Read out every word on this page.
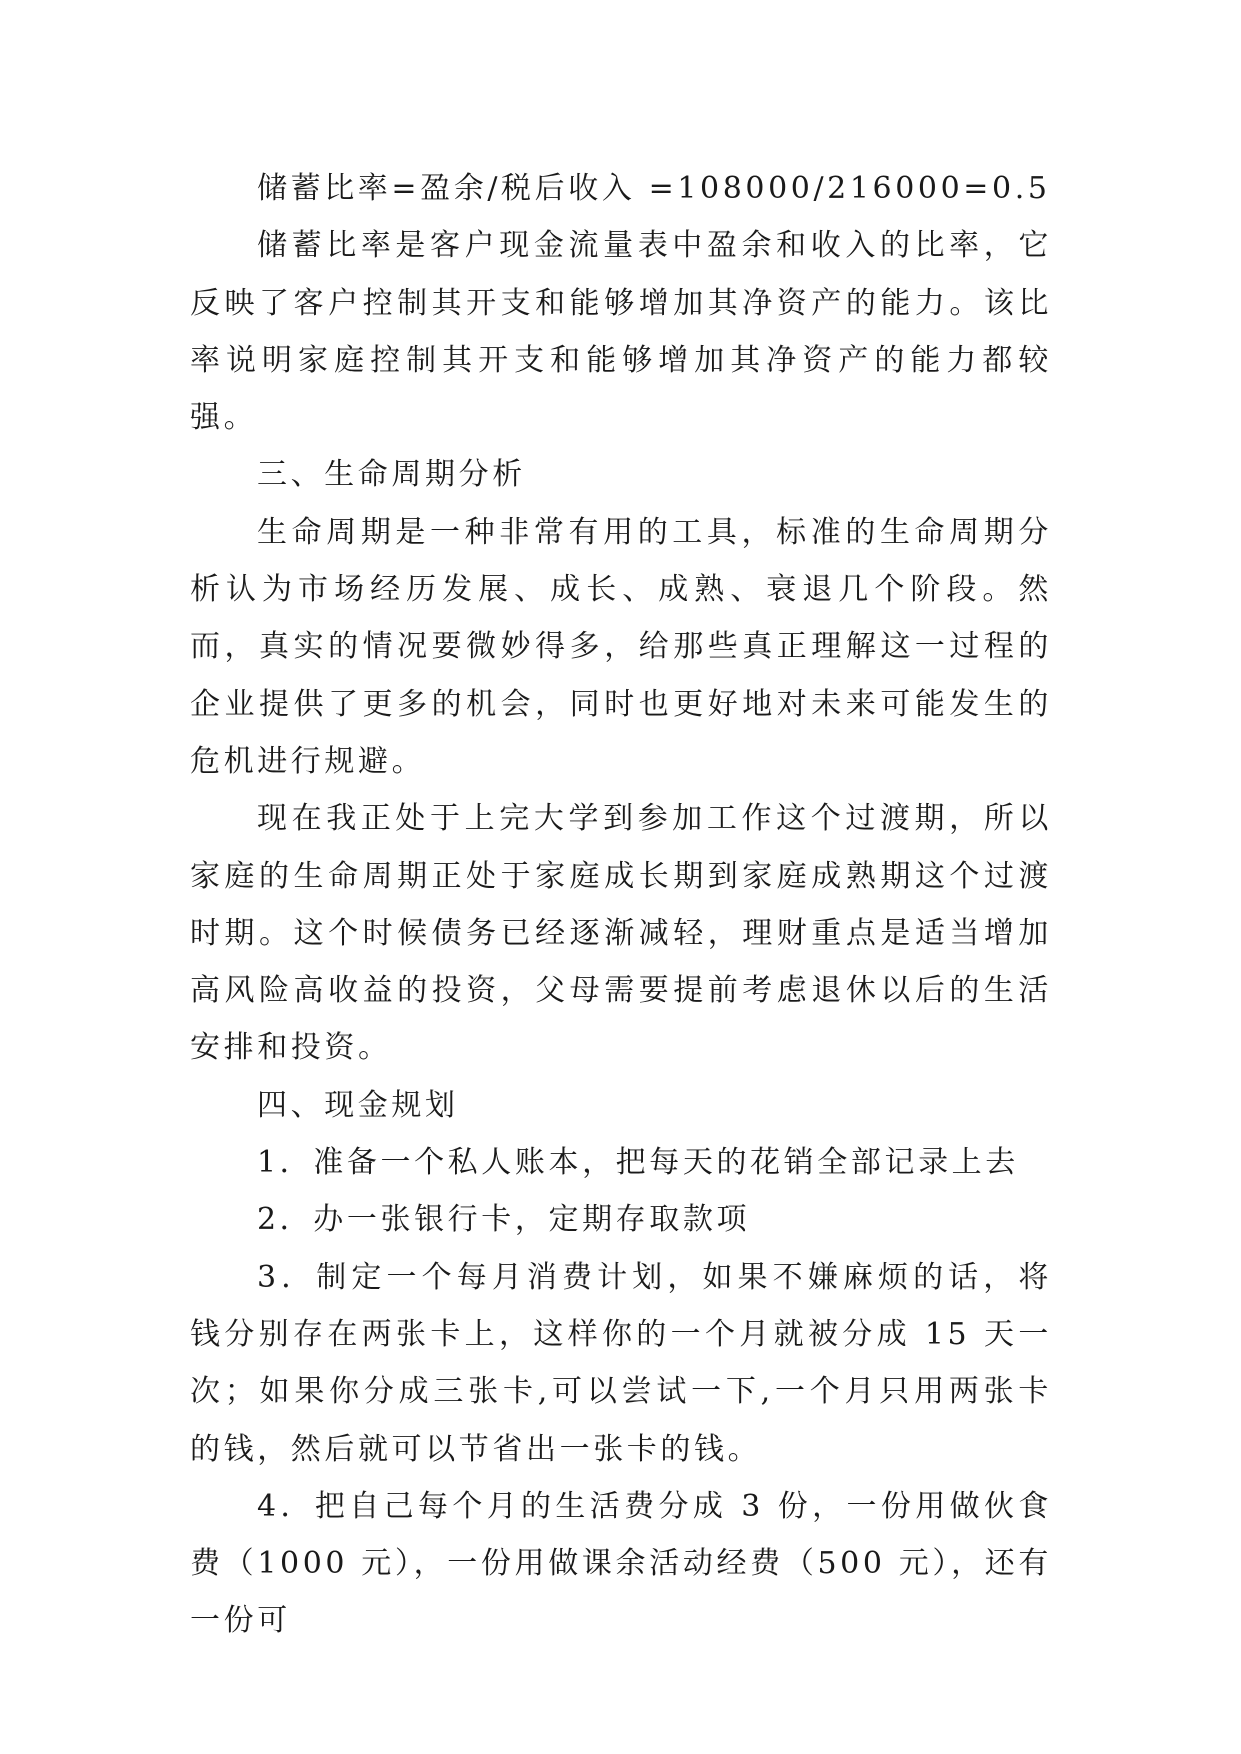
储蓄比率=盈余/税后收入 =108000/216000=0.5

储蓄比率是客户现金流量表中盈余和收入的比率，它反映了客户控制其开支和能够增加其净资产的能力。该比率说明家庭控制其开支和能够增加其净资产的能力都较强。

三、生命周期分析

生命周期是一种非常有用的工具，标准的生命周期分析认为市场经历发展、成长、成熟、衰退几个阶段。然而，真实的情况要微妙得多，给那些真正理解这一过程的企业提供了更多的机会，同时也更好地对未来可能发生的危机进行规避。

现在我正处于上完大学到参加工作这个过渡期，所以家庭的生命周期正处于家庭成长期到家庭成熟期这个过渡时期。这个时候债务已经逐渐减轻，理财重点是适当增加高风险高收益的投资，父母需要提前考虑退休以后的生活安排和投资。

四、现金规划

1．准备一个私人账本，把每天的花销全部记录上去

2．办一张银行卡，定期存取款项

3．制定一个每月消费计划，如果不嫌麻烦的话，将钱分别存在两张卡上，这样你的一个月就被分成 15 天一次；如果你分成三张卡,可以尝试一下,一个月只用两张卡的钱，然后就可以节省出一张卡的钱。

4．把自己每个月的生活费分成 3 份，一份用做伙食费（1000 元），一份用做课余活动经费（500 元），还有一份可
